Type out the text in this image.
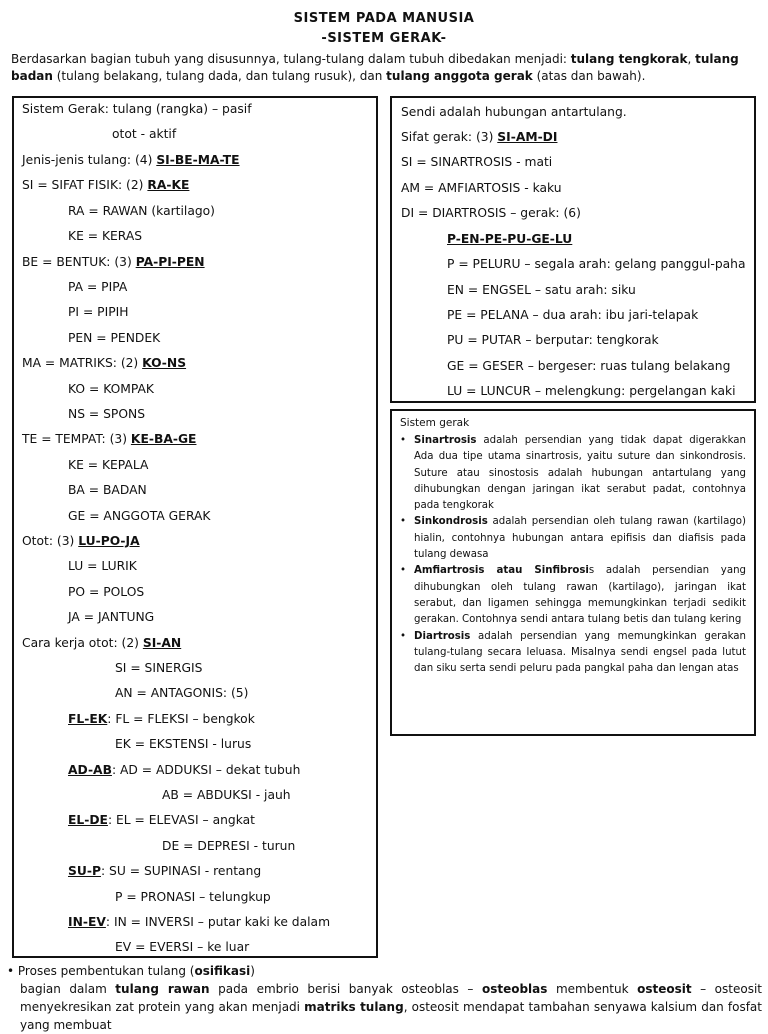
SISTEM PADA MANUSIA
-SISTEM GERAK-
Berdasarkan bagian tubuh yang disusunnya, tulang-tulang dalam tubuh dibedakan menjadi: tulang tengkorak, tulang badan (tulang belakang, tulang dada, dan tulang rusuk), dan tulang anggota gerak (atas dan bawah).
Sistem Gerak: tulang (rangka) – pasif
otot - aktif
Jenis-jenis tulang: (4) SI-BE-MA-TE
SI = SIFAT FISIK: (2) RA-KE
RA = RAWAN (kartilago)
KE = KERAS
BE = BENTUK: (3) PA-PI-PEN
PA = PIPA
PI = PIPIH
PEN = PENDEK
MA = MATRIKS: (2) KO-NS
KO = KOMPAK
NS = SPONS
TE = TEMPAT: (3) KE-BA-GE
KE = KEPALA
BA = BADAN
GE = ANGGOTA GERAK
Otot: (3) LU-PO-JA
LU = LURIK
PO = POLOS
JA = JANTUNG
Cara kerja otot: (2) SI-AN
SI = SINERGIS
AN = ANTAGONIS: (5)
FL-EK: FL = FLEKSI – bengkok
EK = EKSTENSI - lurus
AD-AB: AD = ADDUKSI – dekat tubuh
AB = ABDUKSI - jauh
EL-DE: EL = ELEVASI – angkat
DE = DEPRESI - turun
SU-P: SU = SUPINASI - rentang
P = PRONASI – telungkup
IN-EV: IN = INVERSI – putar kaki ke dalam
EV = EVERSI – ke luar
Sendi adalah hubungan antartulang.
Sifat gerak: (3) SI-AM-DI
SI = SINARTROSIS - mati
AM = AMFIARTOSIS - kaku
DI = DIARTROSIS – gerak: (6)
P-EN-PE-PU-GE-LU
P = PELURU – segala arah: gelang panggul-paha
EN = ENGSEL – satu arah: siku
PE = PELANA – dua arah: ibu jari-telapak
PU = PUTAR – berputar: tengkorak
GE = GESER – bergeser: ruas tulang belakang
LU = LUNCUR – melengkung: pergelangan kaki
Sistem gerak
• Sinartrosis adalah persendian yang tidak dapat digerakkan Ada dua tipe utama sinartrosis, yaitu suture dan sinkondrosis. Suture atau sinostosis adalah hubungan antartulang yang dihubungkan dengan jaringan ikat serabut padat, contohnya pada tengkorak
• Sinkondrosis adalah persendian oleh tulang rawan (kartilago) hialin, contohnya hubungan antara epifisis dan diafisis pada tulang dewasa
• Amfiartrosis atau Sinfibrosis adalah persendian yang dihubungkan oleh tulang rawan (kartilago), jaringan ikat serabut, dan ligamen sehingga memungkinkan terjadi sedikit gerakan. Contohnya sendi antara tulang betis dan tulang kering
• Diartrosis adalah persendian yang memungkinkan gerakan tulang-tulang secara leluasa. Misalnya sendi engsel pada lutut dan siku serta sendi peluru pada pangkal paha dan lengan atas

• Proses pembentukan tulang (osifikasi)

bagian dalam tulang rawan pada embrio berisi banyak osteoblas – osteoblas membentuk osteosit – osteosit menyekresikan zat protein yang akan menjadi matriks tulang, osteosit mendapat tambahan senyawa kalsium dan fosfat yang membuat
